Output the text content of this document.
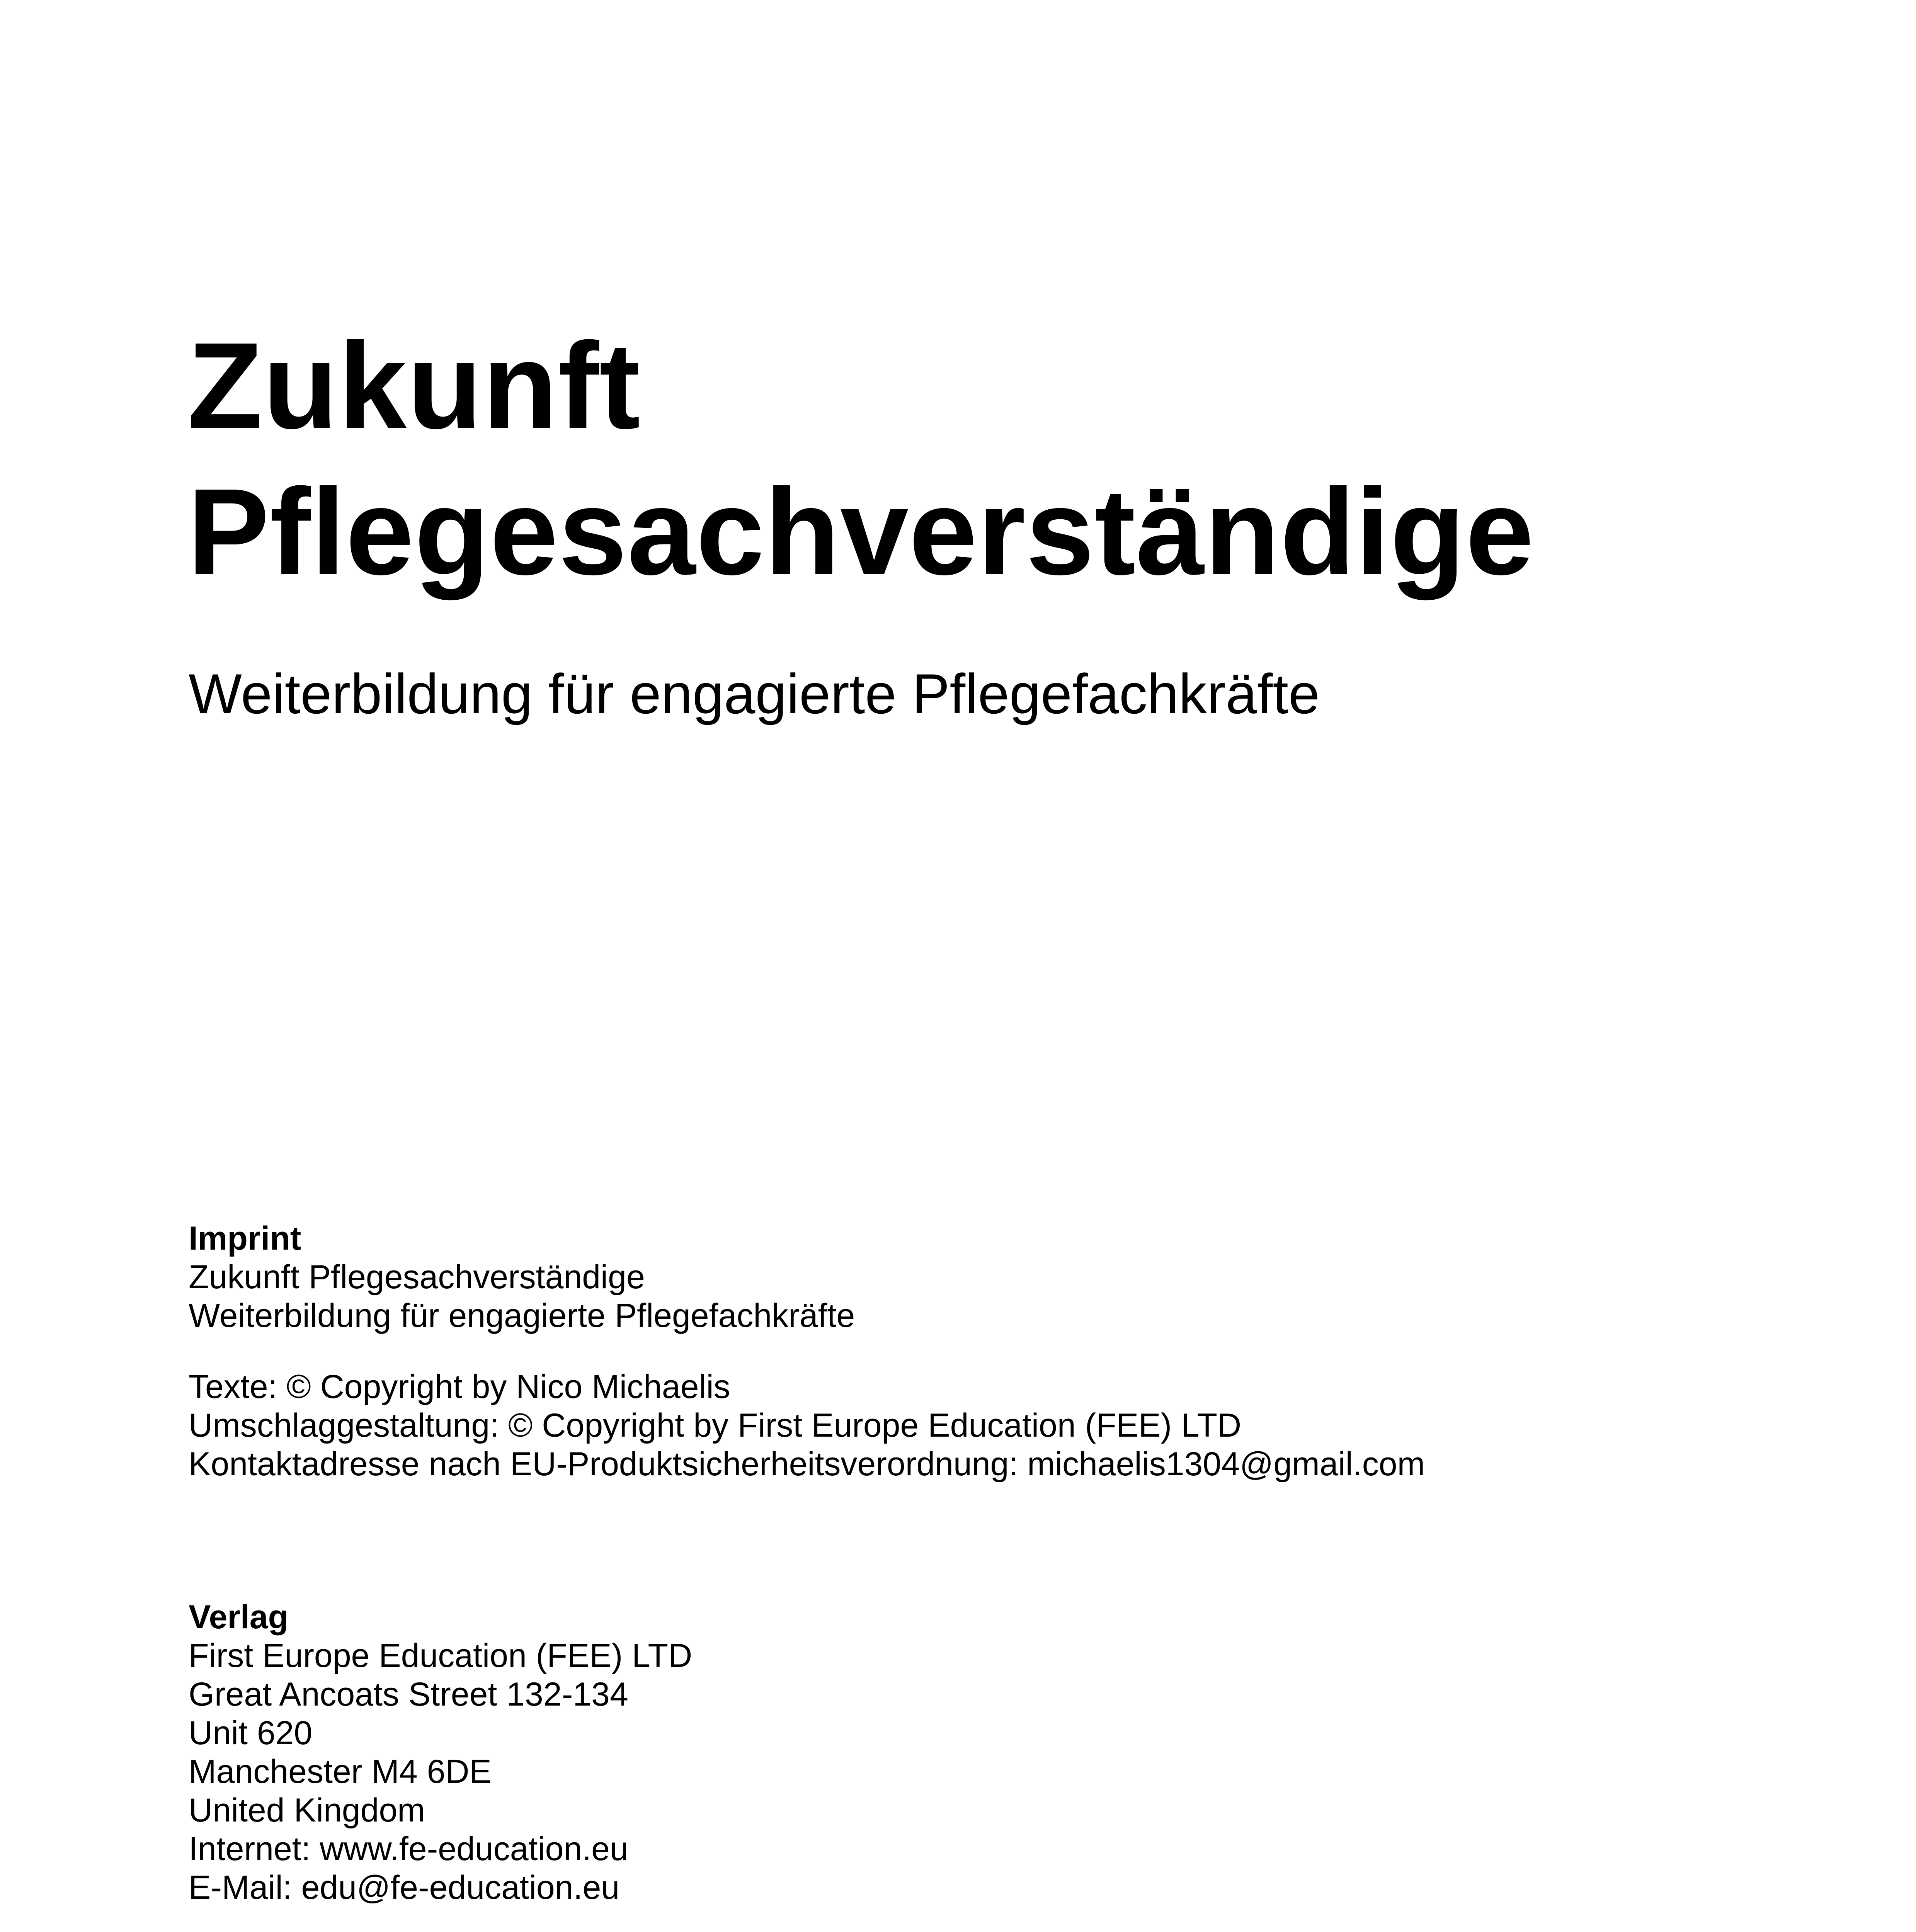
Zukunft
Pflegesachverständige
Weiterbildung für engagierte Pflegefachkräfte
Imprint
Zukunft Pflegesachverständige
Weiterbildung für engagierte Pflegefachkräfte
Texte: © Copyright by Nico Michaelis
Umschlaggestaltung: © Copyright by First Europe Education (FEE) LTD
Kontaktadresse nach EU-Produktsicherheitsverordnung: michaelis1304@gmail.com
Verlag
First Europe Education (FEE) LTD
Great Ancoats Street 132-134
Unit 620
Manchester M4 6DE
United Kingdom
Internet: www.fe-education.eu
E-Mail: edu@fe-education.eu
